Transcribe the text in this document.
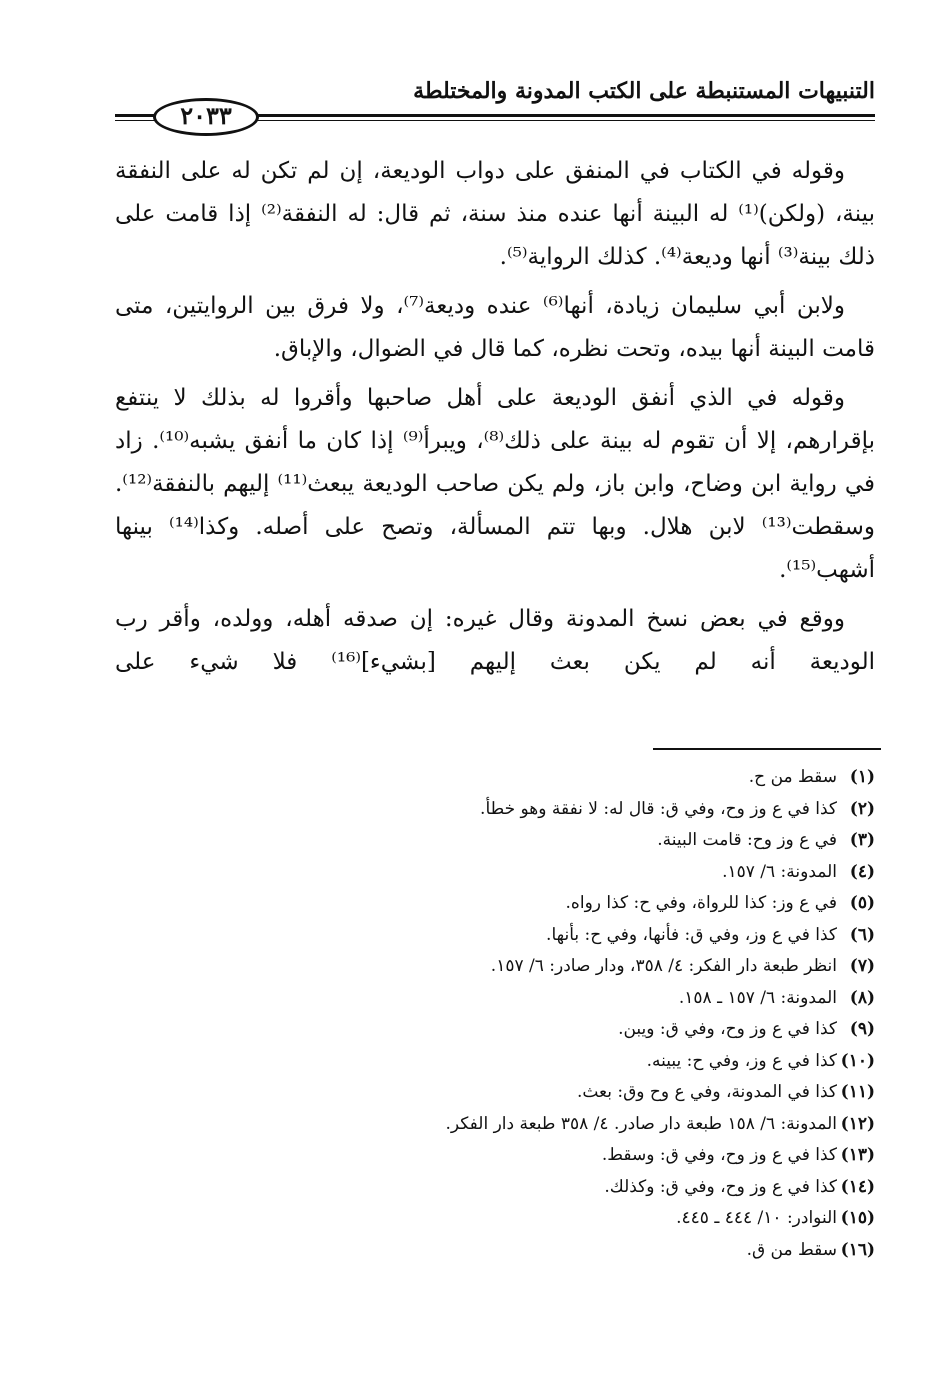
التنبيهات المستنبطة على الكتب المدونة والمختلطة
٢٠٣٣

وقوله في الكتاب في المنفق على دواب الوديعة، إن لم تكن له على النفقة بينة، (ولكن)⁽¹⁾ له البينة أنها عنده منذ سنة، ثم قال: له النفقة⁽²⁾ إذا قامت على ذلك بينة⁽³⁾ أنها وديعة⁽⁴⁾. كذلك الرواية⁽⁵⁾.

ولابن أبي سليمان زيادة، أنها⁽⁶⁾ عنده وديعة⁽⁷⁾، ولا فرق بين الروايتين، متى قامت البينة أنها بيده، وتحت نظره، كما قال في الضوال، والإباق.

وقوله في الذي أنفق الوديعة على أهل صاحبها وأقروا له بذلك لا ينتفع بإقرارهم، إلا أن تقوم له بينة على ذلك⁽⁸⁾، ويبرأ⁽⁹⁾ إذا كان ما أنفق يشبه⁽¹⁰⁾. زاد في رواية ابن وضاح، وابن باز، ولم يكن صاحب الوديعة يبعث⁽¹¹⁾ إليهم بالنفقة⁽¹²⁾. وسقطت⁽¹³⁾ لابن هلال. وبها تتم المسألة، وتصح على أصله. وكذا⁽¹⁴⁾ بينها أشهب⁽¹⁵⁾.

ووقع في بعض نسخ المدونة وقال غيره: إن صدقه أهله، وولده، وأقر رب الوديعة أنه لم يكن بعث إليهم [بشيء]⁽¹⁶⁾ فلا شيء على

(١)
سقط من ح.
(٢)
كذا في ع وز وح، وفي ق: قال له: لا نفقة وهو خطأ.
(٣)
في ع وز وح: قامت البينة.
(٤)
المدونة: ٦/ ١٥٧.
(٥)
في ع وز: كذا للرواة، وفي ح: كذا رواه.
(٦)
كذا في ع وز، وفي ق: فأنها، وفي ح: بأنها.
(٧)
انظر طبعة دار الفكر: ٤/ ٣٥٨، ودار صادر: ٦/ ١٥٧.
(٨)
المدونة: ٦/ ١٥٧ ـ ١٥٨.
(٩)
كذا في ع وز وح، وفي ق: ويبن.
(١٠)
كذا في ع وز، وفي ح: يبينه.
(١١)
كذا في المدونة، وفي ع وح وق: بعث.
(١٢)
المدونة: ٦/ ١٥٨ طبعة دار صادر. ٤/ ٣٥٨ طبعة دار الفكر.
(١٣)
كذا في ع وز وح، وفي ق: وسقط.
(١٤)
كذا في ع وز وح، وفي ق: وكذلك.
(١٥)
النوادر: ١٠/ ٤٤٤ ـ ٤٤٥.
(١٦)
سقط من ق.
